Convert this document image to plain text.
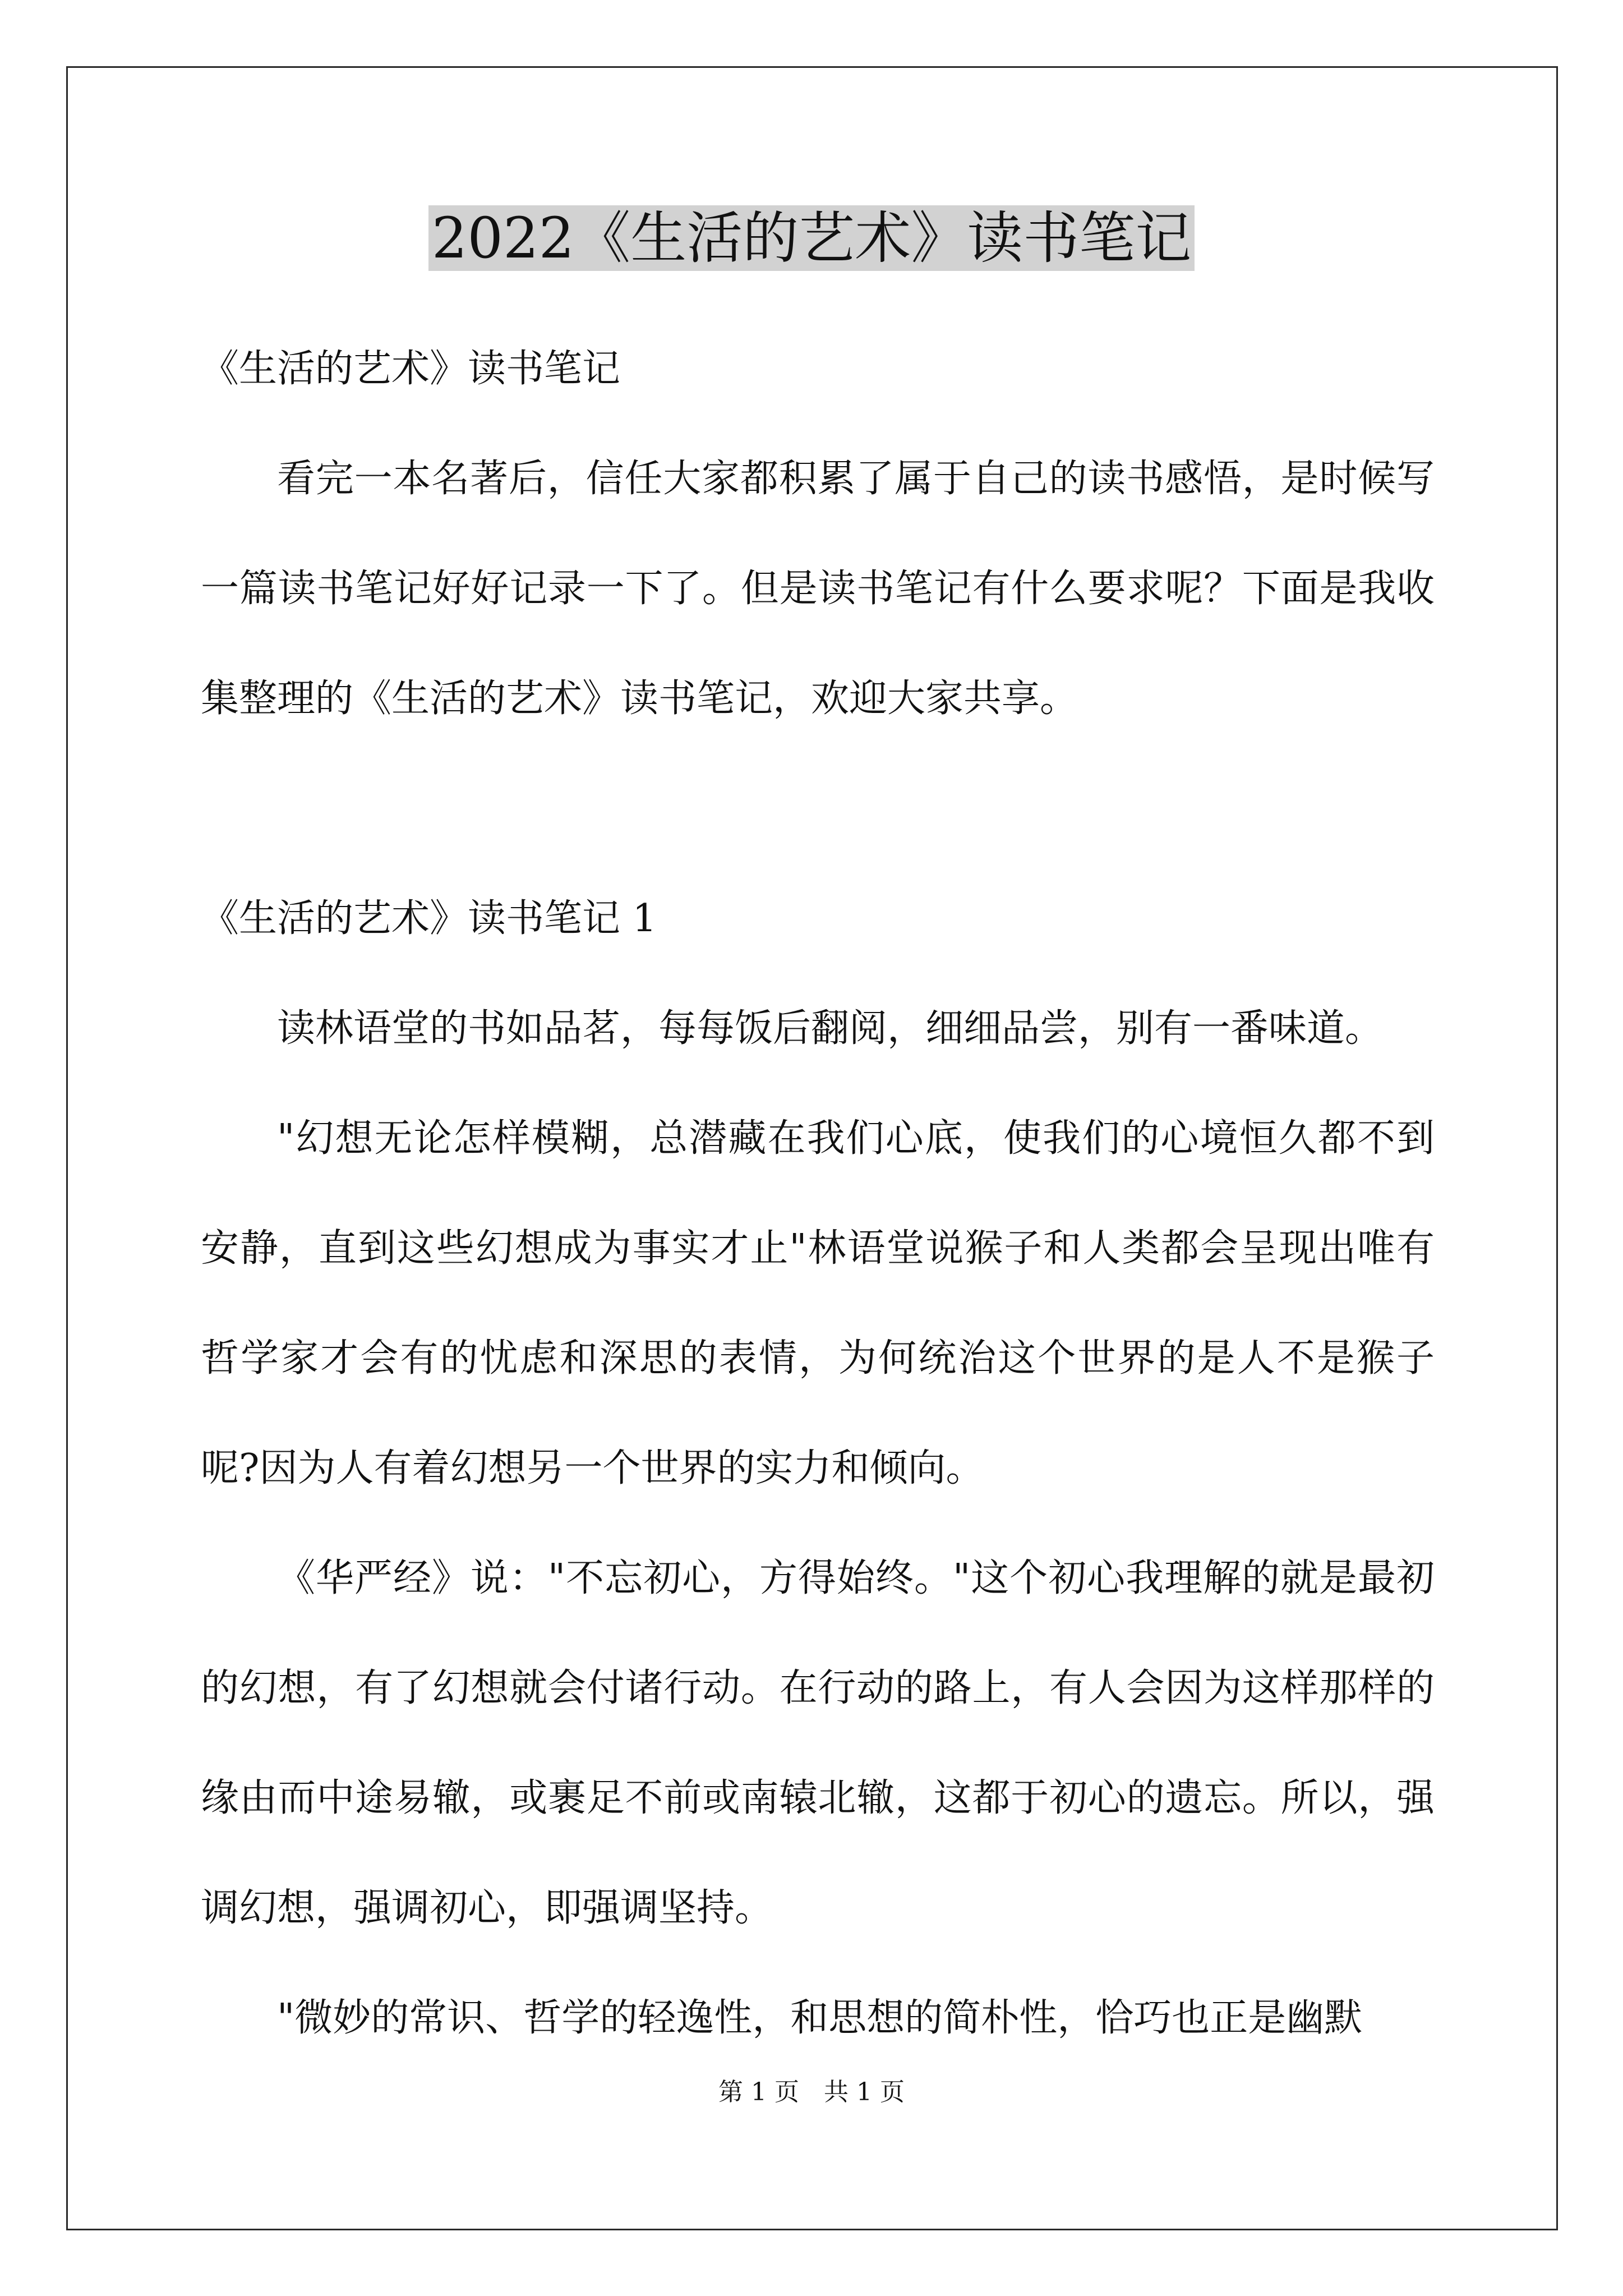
2022《生活的艺术》读书笔记

《生活的艺术》读书笔记

看完一本名著后，信任大家都积累了属于自己的读书感悟，是时候写一篇读书笔记好好记录一下了。但是读书笔记有什么要求呢？下面是我收集整理的《生活的艺术》读书笔记，欢迎大家共享。

《生活的艺术》读书笔记 1

读林语堂的书如品茗，每每饭后翻阅，细细品尝，别有一番味道。

"幻想无论怎样模糊，总潜藏在我们心底，使我们的心境恒久都不到安静，直到这些幻想成为事实才止"林语堂说猴子和人类都会呈现出唯有哲学家才会有的忧虑和深思的表情，为何统治这个世界的是人不是猴子呢?因为人有着幻想另一个世界的实力和倾向。

《华严经》说："不忘初心，方得始终。"这个初心我理解的就是最初的幻想，有了幻想就会付诸行动。在行动的路上，有人会因为这样那样的缘由而中途易辙，或裹足不前或南辕北辙，这都于初心的遗忘。所以，强调幻想，强调初心，即强调坚持。

"微妙的常识、哲学的轻逸性，和思想的简朴性，恰巧也正是幽默

第 1 页　共 1 页
